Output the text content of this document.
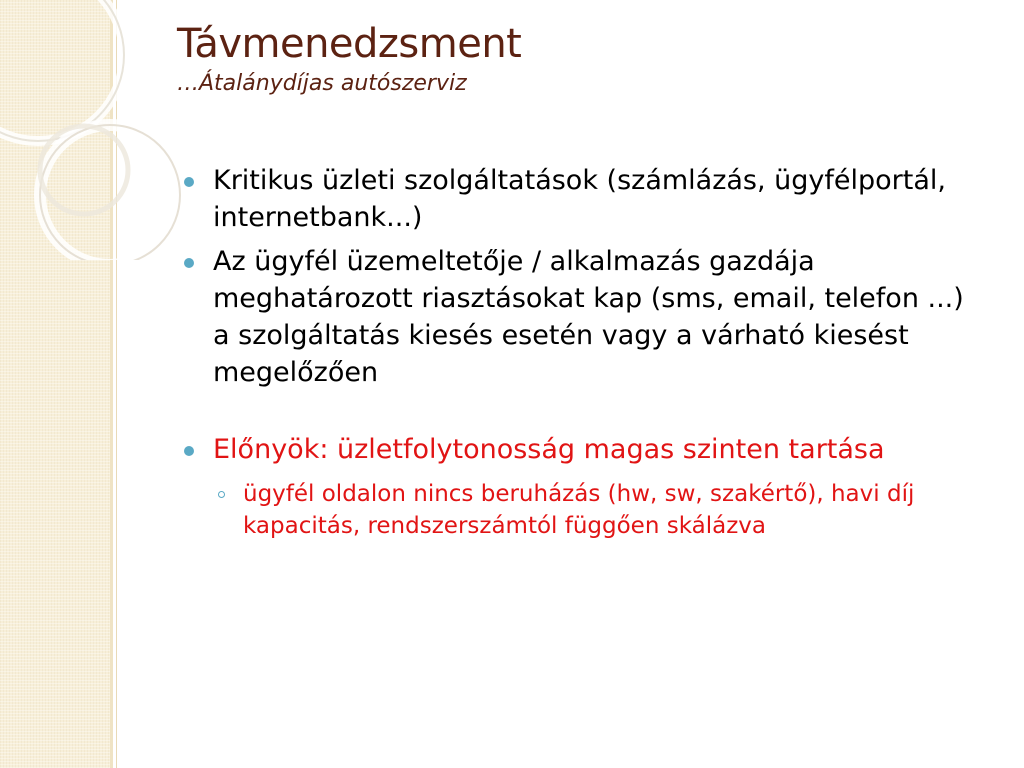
Távmenedzsment

…Átalánydíjas autószerviz

Kritikus üzleti szolgáltatások (számlázás, ügyfélportál, internetbank...)
Az ügyfél üzemeltetője / alkalmazás gazdája meghatározott riasztásokat kap (sms, email, telefon ...) a szolgáltatás kiesés esetén vagy a várható kiesést megelőzően
Előnyök: üzletfolytonosság magas szinten tartása
ügyfél oldalon nincs beruházás (hw, sw, szakértő), havi díj kapacitás, rendszerszámtól függően skálázva
